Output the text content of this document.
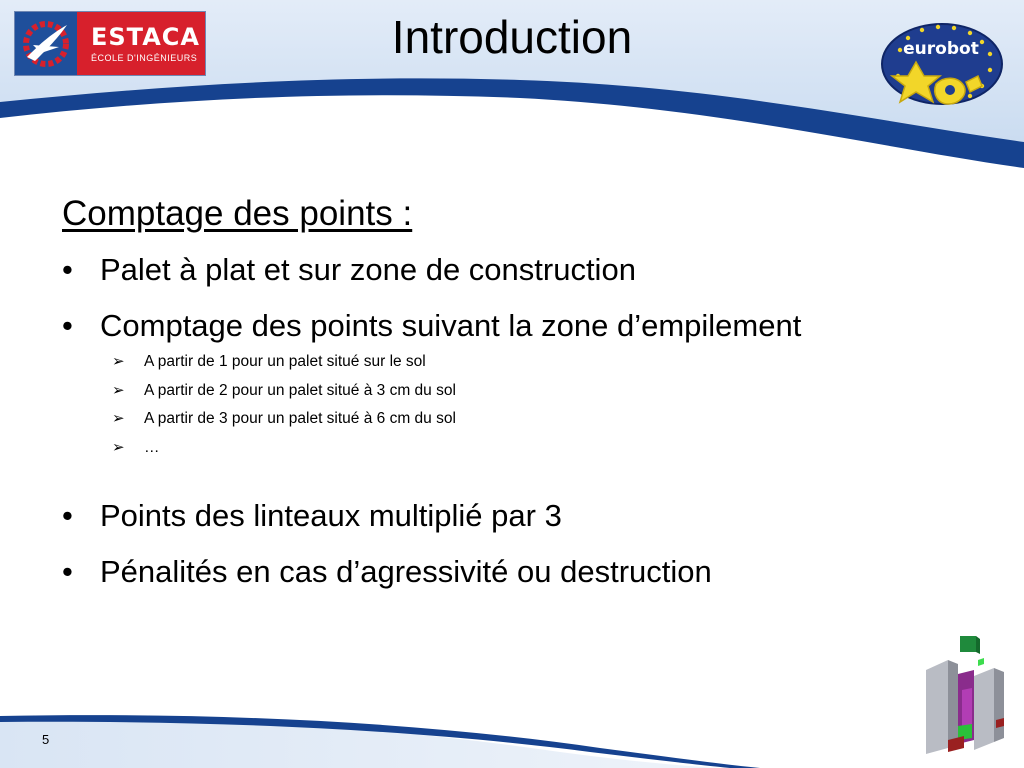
ESTACA
ÉCOLE D'INGÉNIEURS	Introduction	eurobot
Comptage des points :
• Palet à plat et sur zone de construction
• Comptage des points suivant la zone d’empilement
➢ A partir de 1 pour un palet situé sur le sol
➢ A partir de 2 pour un palet situé à 3 cm du sol
➢ A partir de 3 pour un palet situé à 6 cm du sol
➢ …
• Points des linteaux multiplié par 3
• Pénalités en cas d’agressivité ou destruction
5
